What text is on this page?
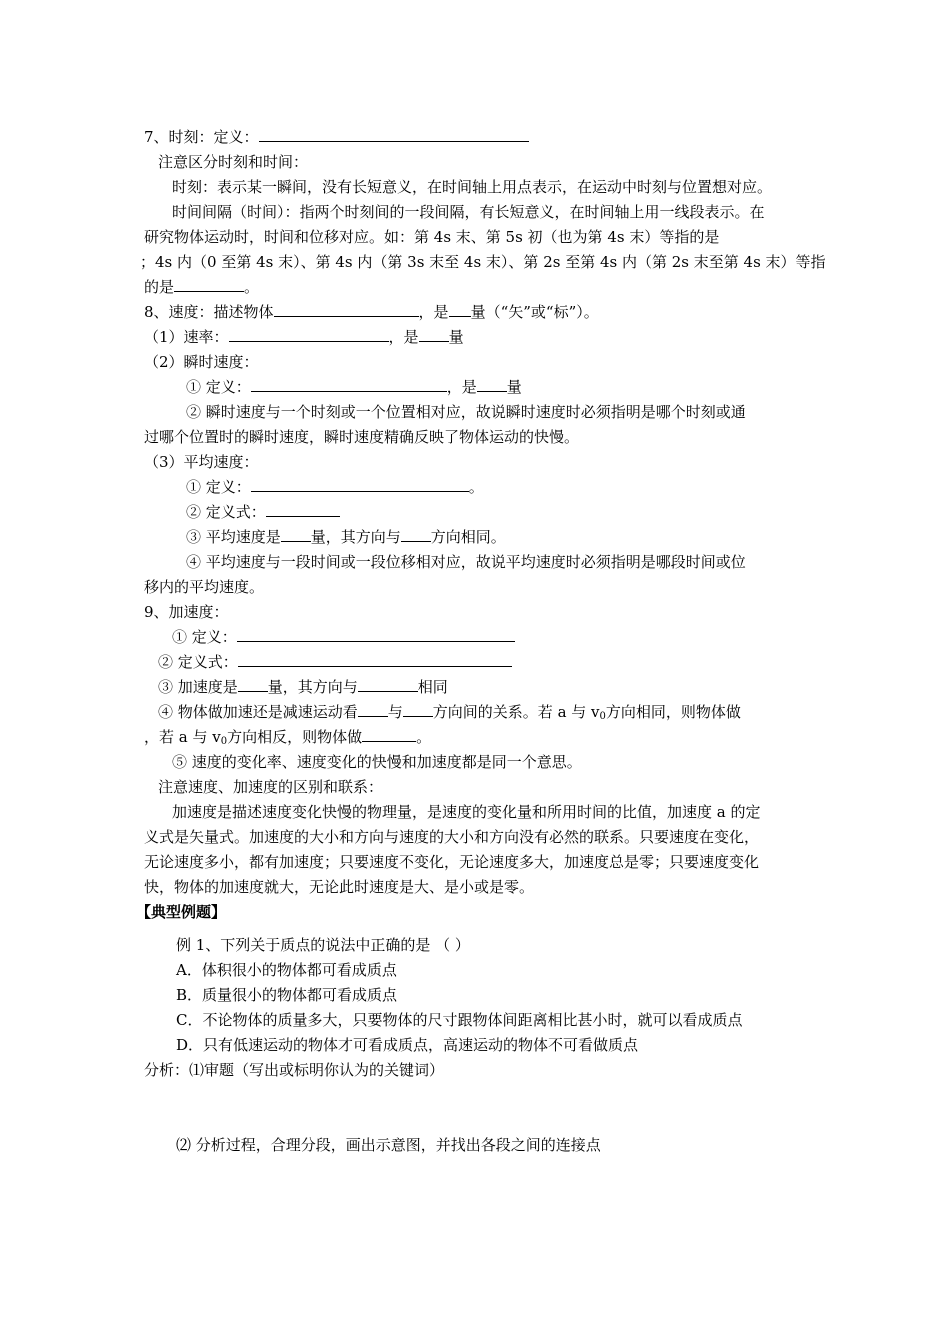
7、时刻：定义：
注意区分时刻和时间：
时刻：表示某一瞬间，没有长短意义，在时间轴上用点表示，在运动中时刻与位置想对应。
时间间隔（时间）：指两个时刻间的一段间隔，有长短意义，在时间轴上用一线段表示。在
研究物体运动时，时间和位移对应。如：第 4s 末、第 5s 初（也为第 4s 末）等指的是
；4s 内（0 至第 4s 末）、第 4s 内（第 3s 末至 4s 末）、第 2s 至第 4s 内（第 2s 末至第 4s 末）等指
的是	。
8、速度：描述物体	，是 量（“矢”或“标”）。
（1）速率：	，是 量
（2）瞬时速度：
① 定义：	，是 量
② 瞬时速度与一个时刻或一个位置相对应，故说瞬时速度时必须指明是哪个时刻或通
过哪个位置时的瞬时速度，瞬时速度精确反映了物体运动的快慢。
（3）平均速度：
① 定义：	。
② 定义式：
③ 平均速度是 量，其方向与 方向相同。
④ 平均速度与一段时间或一段位移相对应，故说平均速度时必须指明是哪段时间或位
移内的平均速度。
9、加速度：
① 定义：
② 定义式：
③ 加速度是 量，其方向与	相同
④ 物体做加速还是减速运动看 与 方向间的关系。若 a 与 $v_0$方向相同，则物体做
，若 a 与 $v_0$方向相反，则物体做	。
⑤ 速度的变化率、速度变化的快慢和加速度都是同一个意思。
注意速度、加速度的区别和联系：
加速度是描述速度变化快慢的物理量，是速度的变化量和所用时间的比值，加速度 a 的定
义式是矢量式。加速度的大小和方向与速度的大小和方向没有必然的联系。只要速度在变化，
无论速度多小，都有加速度；只要速度不变化，无论速度多大，加速度总是零；只要速度变化
快，物体的加速度就大，无论此时速度是大、是小或是零。
【典型例题】
例 1、下列关于质点的说法中正确的是 （ ）
A．体积很小的物体都可看成质点
B．质量很小的物体都可看成质点
C．不论物体的质量多大，只要物体的尺寸跟物体间距离相比甚小时，就可以看成质点
D．只有低速运动的物体才可看成质点，高速运动的物体不可看做质点
分析：⑴审题（写出或标明你认为的关键词）
⑵ 分析过程，合理分段，画出示意图，并找出各段之间的连接点
